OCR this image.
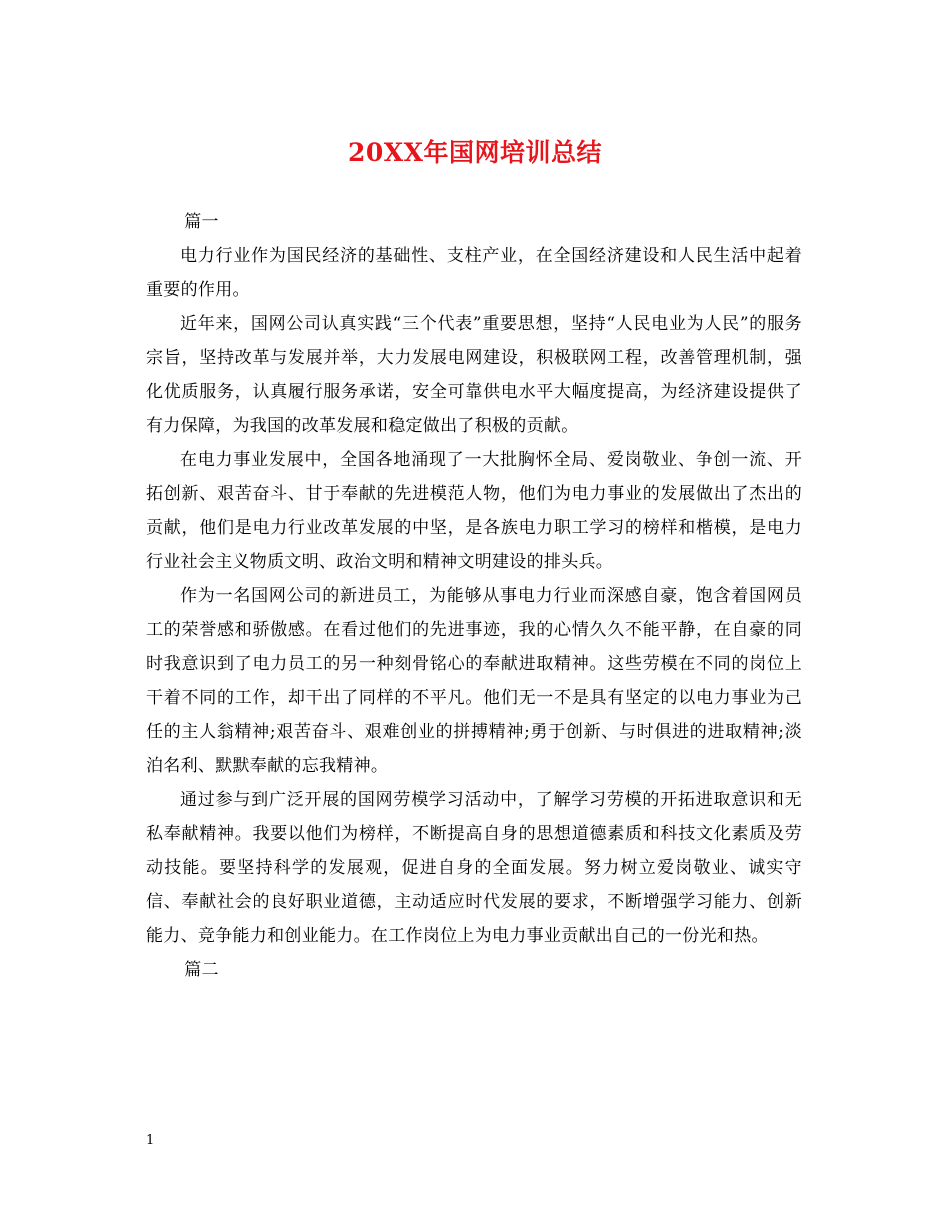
20XX年国网培训总结

篇一

电力行业作为国民经济的基础性、支柱产业，在全国经济建设和人民生活中起着重要的作用。

近年来，国网公司认真实践“三个代表”重要思想，坚持“人民电业为人民”的服务宗旨，坚持改革与发展并举，大力发展电网建设，积极联网工程，改善管理机制，强化优质服务，认真履行服务承诺，安全可靠供电水平大幅度提高，为经济建设提供了有力保障，为我国的改革发展和稳定做出了积极的贡献。

在电力事业发展中，全国各地涌现了一大批胸怀全局、爱岗敬业、争创一流、开拓创新、艰苦奋斗、甘于奉献的先进模范人物，他们为电力事业的发展做出了杰出的贡献，他们是电力行业改革发展的中坚，是各族电力职工学习的榜样和楷模，是电力行业社会主义物质文明、政治文明和精神文明建设的排头兵。

作为一名国网公司的新进员工，为能够从事电力行业而深感自豪，饱含着国网员工的荣誉感和骄傲感。在看过他们的先进事迹，我的心情久久不能平静，在自豪的同时我意识到了电力员工的另一种刻骨铭心的奉献进取精神。这些劳模在不同的岗位上干着不同的工作，却干出了同样的不平凡。他们无一不是具有坚定的以电力事业为己任的主人翁精神;艰苦奋斗、艰难创业的拼搏精神;勇于创新、与时俱进的进取精神;淡泊名利、默默奉献的忘我精神。

通过参与到广泛开展的国网劳模学习活动中，了解学习劳模的开拓进取意识和无私奉献精神。我要以他们为榜样，不断提高自身的思想道德素质和科技文化素质及劳动技能。要坚持科学的发展观，促进自身的全面发展。努力树立爱岗敬业、诚实守信、奉献社会的良好职业道德，主动适应时代发展的要求，不断增强学习能力、创新能力、竞争能力和创业能力。在工作岗位上为电力事业贡献出自己的一份光和热。

篇二

1
